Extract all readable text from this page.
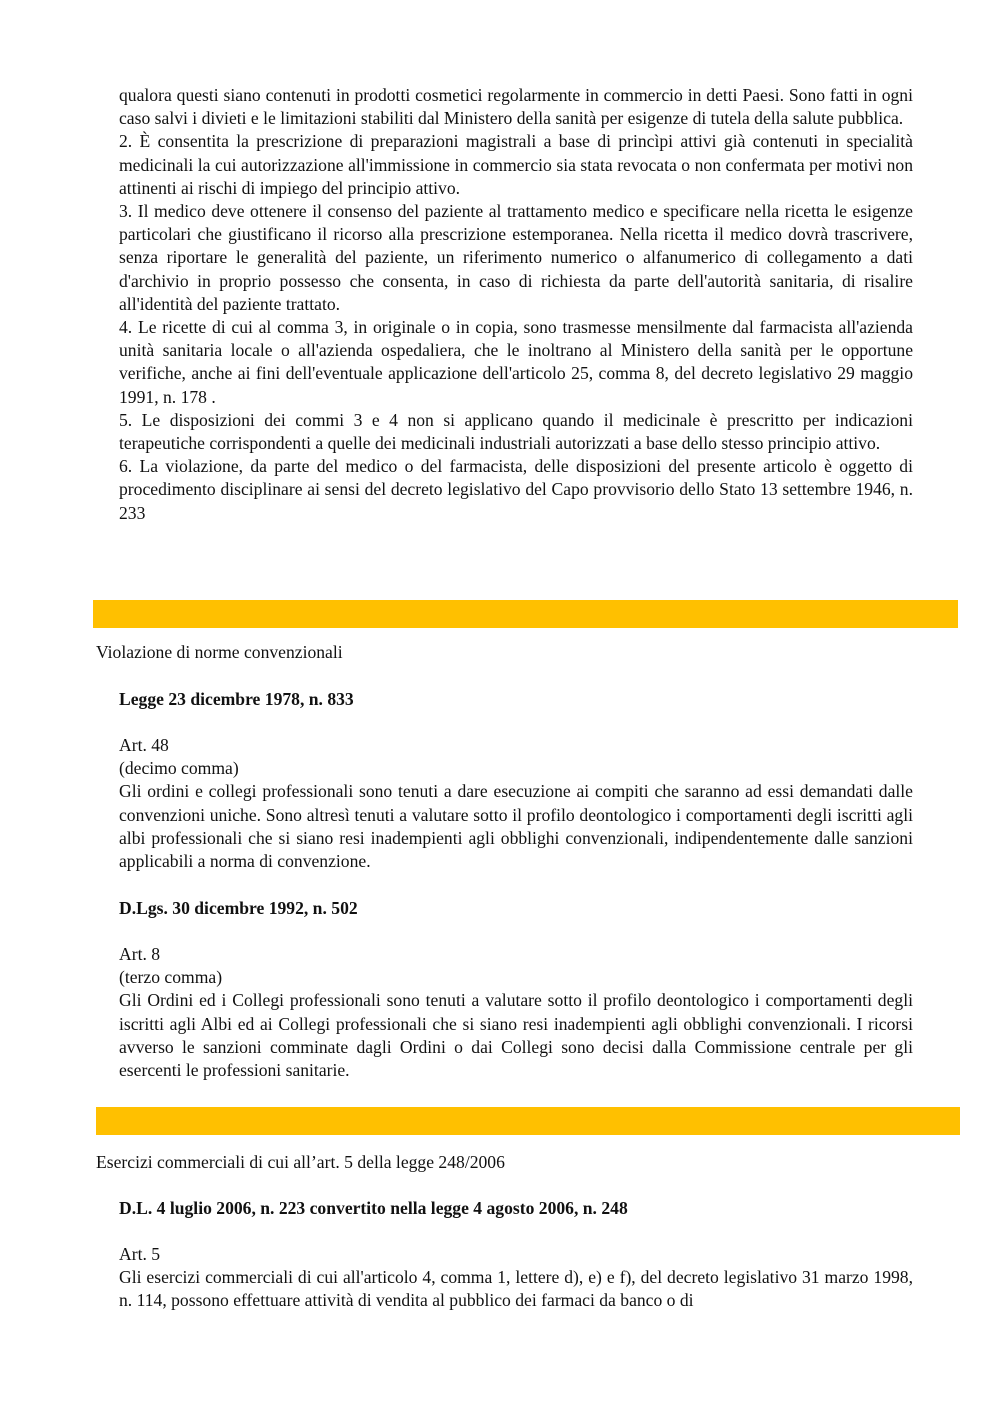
qualora questi siano contenuti in prodotti cosmetici regolarmente in commercio in detti Paesi. Sono fatti in ogni caso salvi i divieti e le limitazioni stabiliti dal Ministero della sanità per esigenze di tutela della salute pubblica.

2. È consentita la prescrizione di preparazioni magistrali a base di princìpi attivi già contenuti in specialità medicinali la cui autorizzazione all'immissione in commercio sia stata revocata o non confermata per motivi non attinenti ai rischi di impiego del principio attivo.

3. Il medico deve ottenere il consenso del paziente al trattamento medico e specificare nella ricetta le esigenze particolari che giustificano il ricorso alla prescrizione estemporanea. Nella ricetta il medico dovrà trascrivere, senza riportare le generalità del paziente, un riferimento numerico o alfanumerico di collegamento a dati d'archivio in proprio possesso che consenta, in caso di richiesta da parte dell'autorità sanitaria, di risalire all'identità del paziente trattato.

4. Le ricette di cui al comma 3, in originale o in copia, sono trasmesse mensilmente dal farmacista all'azienda unità sanitaria locale o all'azienda ospedaliera, che le inoltrano al Ministero della sanità per le opportune verifiche, anche ai fini dell'eventuale applicazione dell'articolo 25, comma 8, del decreto legislativo 29 maggio 1991, n. 178 .

5. Le disposizioni dei commi 3 e 4 non si applicano quando il medicinale è prescritto per indicazioni terapeutiche corrispondenti a quelle dei medicinali industriali autorizzati a base dello stesso principio attivo.

6. La violazione, da parte del medico o del farmacista, delle disposizioni del presente articolo è oggetto di procedimento disciplinare ai sensi del decreto legislativo del Capo provvisorio dello Stato 13 settembre 1946, n. 233

Violazione di norme convenzionali
Legge 23 dicembre 1978, n. 833
Art. 48
(decimo comma)
Gli ordini e collegi professionali sono tenuti a dare esecuzione ai compiti che saranno ad essi demandati dalle convenzioni uniche. Sono altresì tenuti a valutare sotto il profilo deontologico i comportamenti degli iscritti agli albi professionali che si siano resi inadempienti agli obblighi convenzionali, indipendentemente dalle sanzioni applicabili a norma di convenzione.
D.Lgs. 30 dicembre 1992, n. 502
Art. 8
(terzo comma)
Gli Ordini ed i Collegi professionali sono tenuti a valutare sotto il profilo deontologico i comportamenti degli iscritti agli Albi ed ai Collegi professionali che si siano resi inadempienti agli obblighi convenzionali. I ricorsi avverso le sanzioni comminate dagli Ordini o dai Collegi sono decisi dalla Commissione centrale per gli esercenti le professioni sanitarie.
Esercizi commerciali di cui all’art. 5 della legge 248/2006
D.L. 4 luglio 2006, n. 223 convertito nella legge 4 agosto 2006, n. 248
Art. 5
Gli esercizi commerciali di cui all'articolo 4, comma 1, lettere d), e) e f), del decreto legislativo 31 marzo 1998, n. 114, possono effettuare attività di vendita al pubblico dei farmaci da banco o di
